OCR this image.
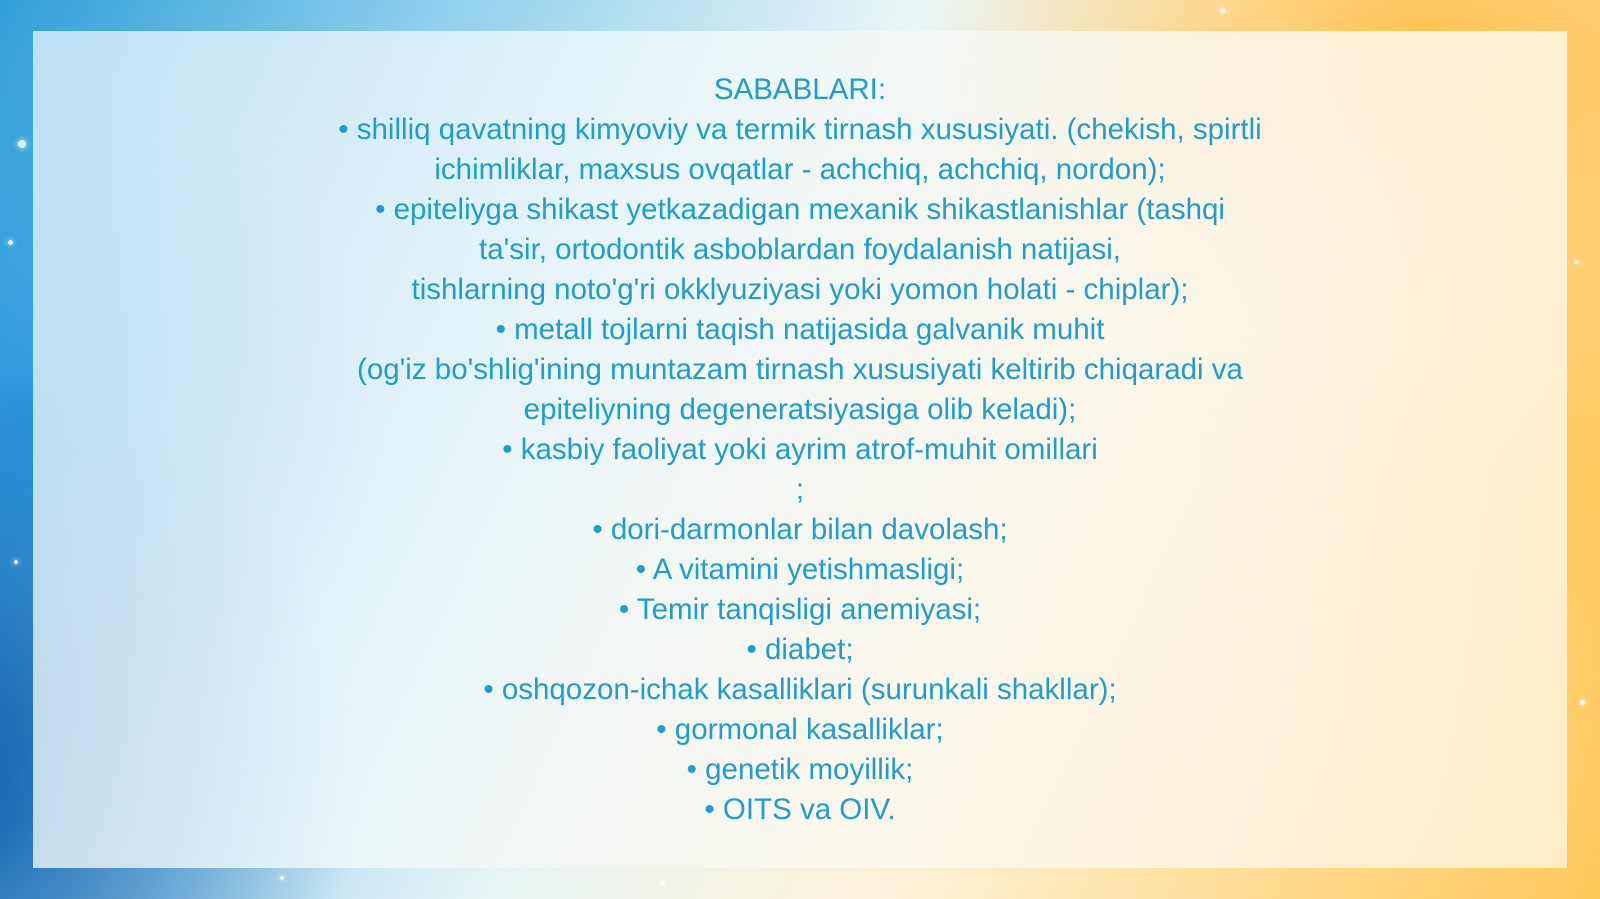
SABABLARI:
• shilliq qavatning kimyoviy va termik tirnash xususiyati. (chekish, spirtli
ichimliklar, maxsus ovqatlar - achchiq, achchiq, nordon);
• epiteliyga shikast yetkazadigan mexanik shikastlanishlar (tashqi
ta'sir, ortodontik asboblardan foydalanish natijasi,
tishlarning noto'g'ri okklyuziyasi yoki yomon holati - chiplar);
• metall tojlarni taqish natijasida galvanik muhit
(og'iz bo'shlig'ining muntazam tirnash xususiyati keltirib chiqaradi va
epiteliyning degeneratsiyasiga olib keladi);
• kasbiy faoliyat yoki ayrim atrof-muhit omillari
;
• dori-darmonlar bilan davolash;
• A vitamini yetishmasligi;
• Temir tanqisligi anemiyasi;
• diabet;
• oshqozon-ichak kasalliklari (surunkali shakllar);
• gormonal kasalliklar;
• genetik moyillik;
• OITS va OIV.
